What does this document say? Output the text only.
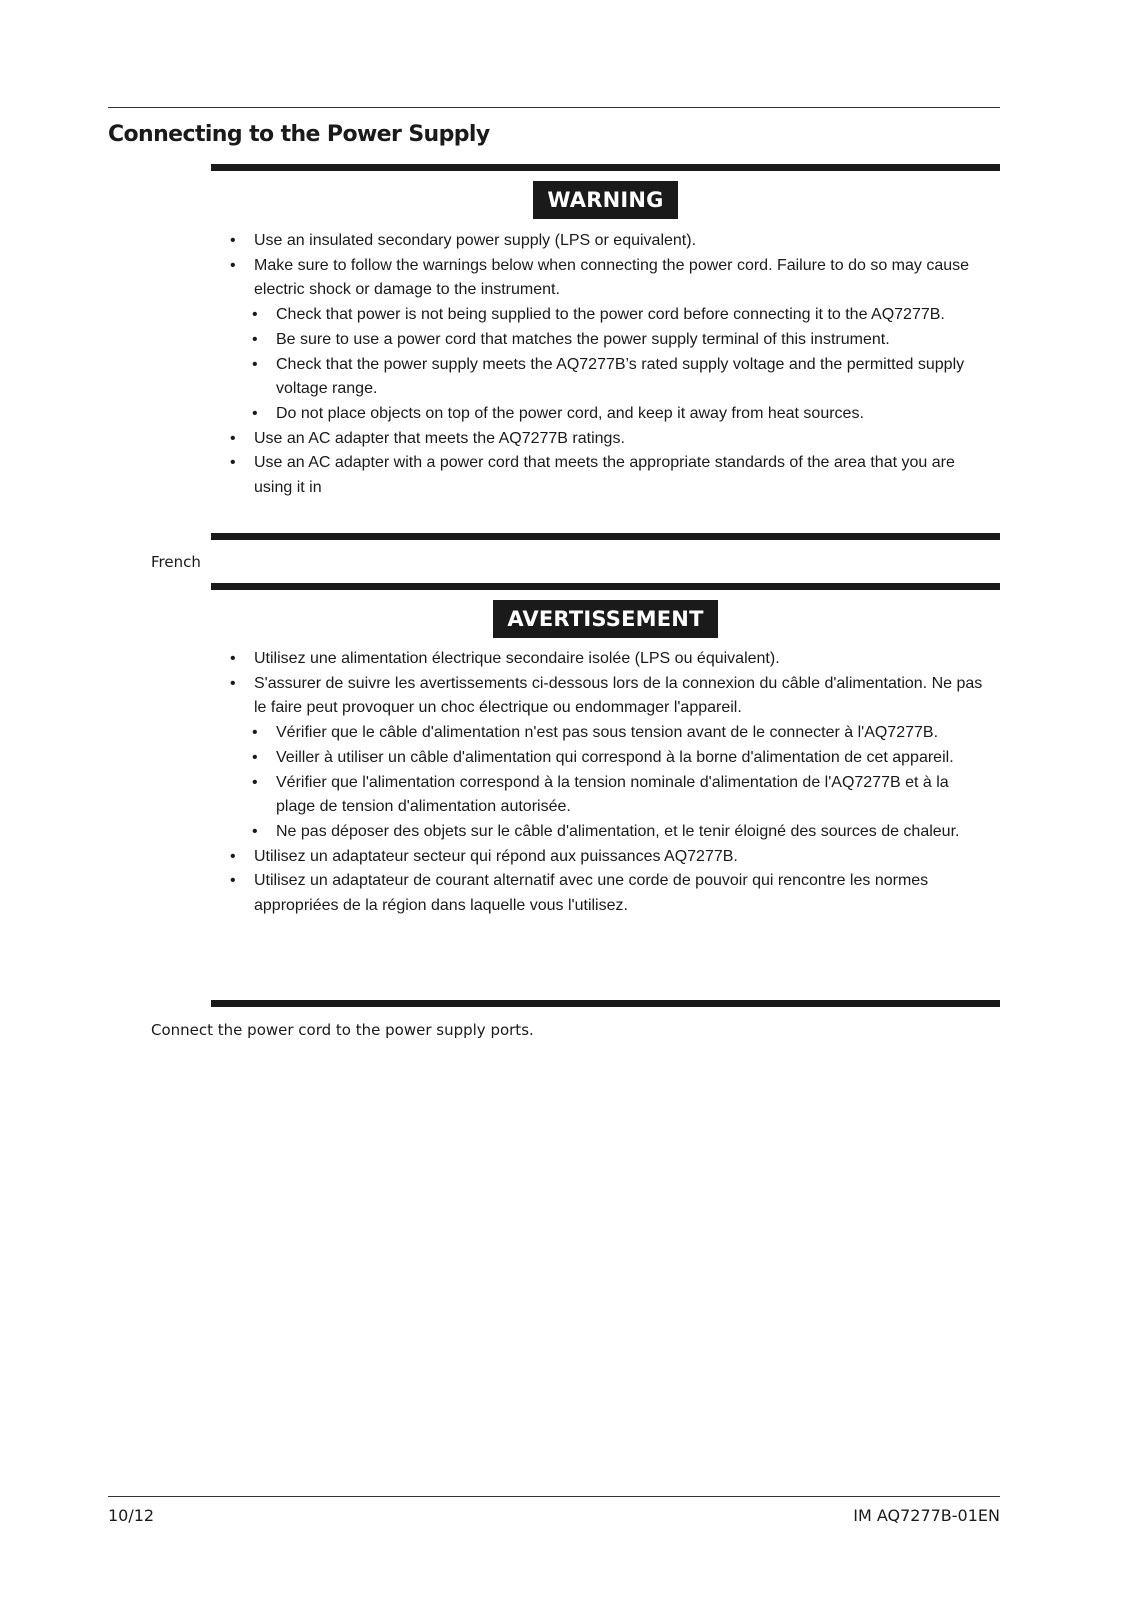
Connecting to the Power Supply
WARNING
• Use an insulated secondary power supply (LPS or equivalent).
• Make sure to follow the warnings below when connecting the power cord. Failure to do so may cause electric shock or damage to the instrument.
• Check that power is not being supplied to the power cord before connecting it to the AQ7277B.
• Be sure to use a power cord that matches the power supply terminal of this instrument.
• Check that the power supply meets the AQ7277B’s rated supply voltage and the permitted supply voltage range.
• Do not place objects on top of the power cord, and keep it away from heat sources.
• Use an AC adapter that meets the AQ7277B ratings.
• Use an AC adapter with a power cord that meets the appropriate standards of the area that you are using it in
French
AVERTISSEMENT
• Utilisez une alimentation électrique secondaire isolée (LPS ou équivalent).
• S'assurer de suivre les avertissements ci-dessous lors de la connexion du câble d'alimentation. Ne pas le faire peut provoquer un choc électrique ou endommager l'appareil.
• Vérifier que le câble d'alimentation n'est pas sous tension avant de le connecter à l'AQ7277B.
• Veiller à utiliser un câble d'alimentation qui correspond à la borne d'alimentation de cet appareil.
• Vérifier que l'alimentation correspond à la tension nominale d'alimentation de l'AQ7277B et à la plage de tension d'alimentation autorisée.
• Ne pas déposer des objets sur le câble d'alimentation, et le tenir éloigné des sources de chaleur.
• Utilisez un adaptateur secteur qui répond aux puissances AQ7277B.
• Utilisez un adaptateur de courant alternatif avec une corde de pouvoir qui rencontre les normes appropriées de la région dans laquelle vous l'utilisez.
Connect the power cord to the power supply ports.
10/12	IM AQ7277B-01EN
